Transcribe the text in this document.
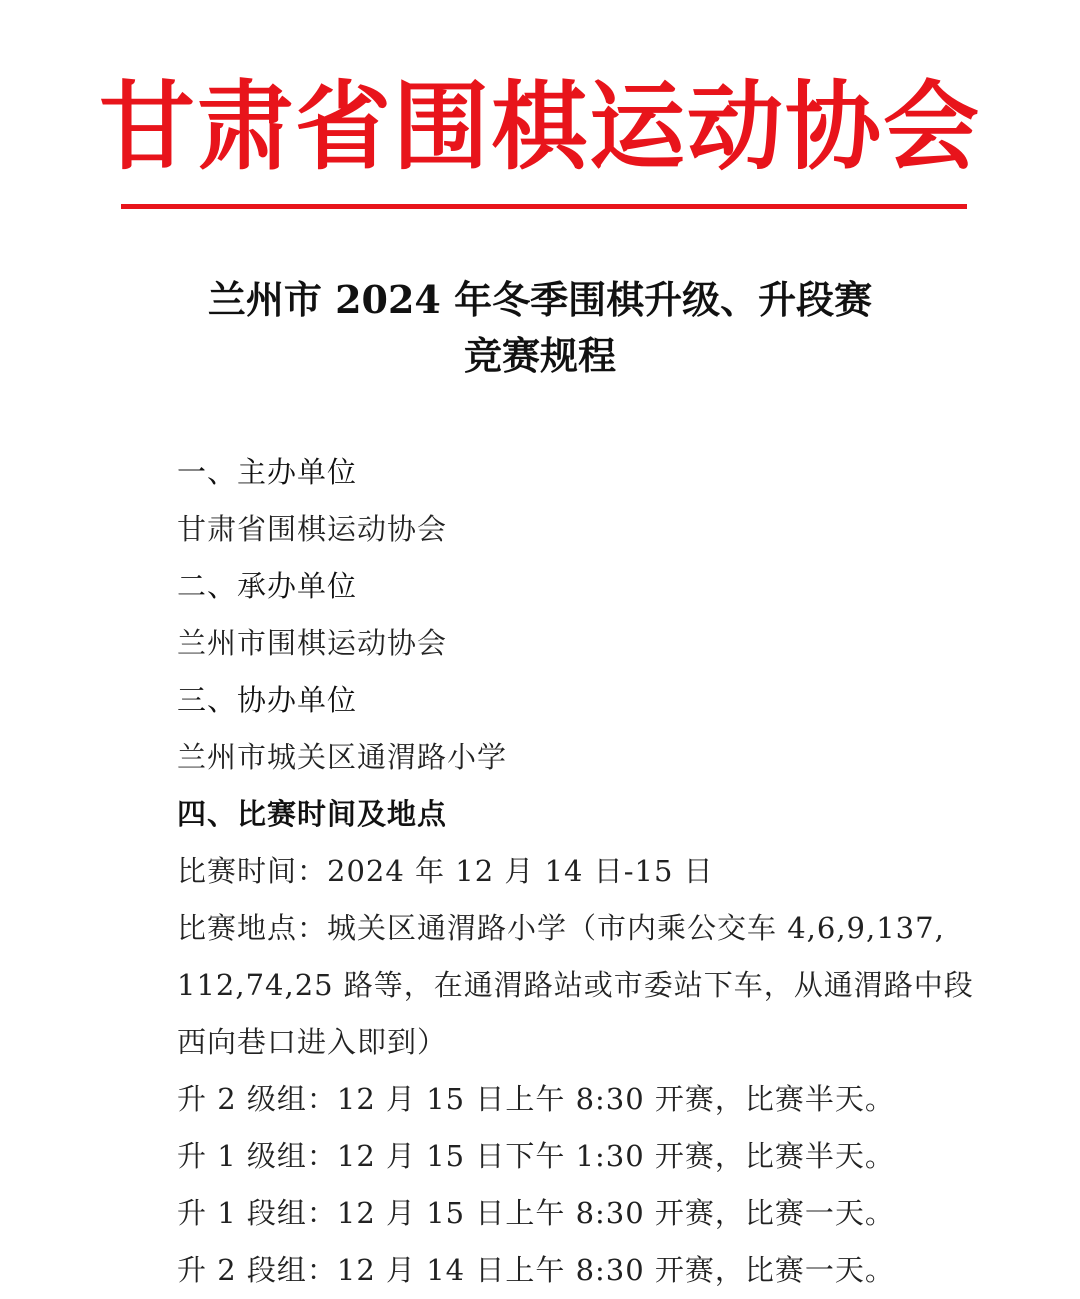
甘肃省围棋运动协会
兰州市 2024 年冬季围棋升级、升段赛
竞赛规程
一、主办单位
甘肃省围棋运动协会
二、承办单位
兰州市围棋运动协会
三、协办单位
兰州市城关区通渭路小学
四、比赛时间及地点
比赛时间：2024 年 12 月 14 日-15 日
比赛地点：城关区通渭路小学（市内乘公交车 4,6,9,137,
112,74,25 路等，在通渭路站或市委站下车，从通渭路中段
西向巷口进入即到）
升 2 级组：12 月 15 日上午 8:30 开赛，比赛半天。
升 1 级组：12 月 15 日下午 1:30 开赛，比赛半天。
升 1 段组：12 月 15 日上午 8:30 开赛，比赛一天。
升 2 段组：12 月 14 日上午 8:30 开赛，比赛一天。
